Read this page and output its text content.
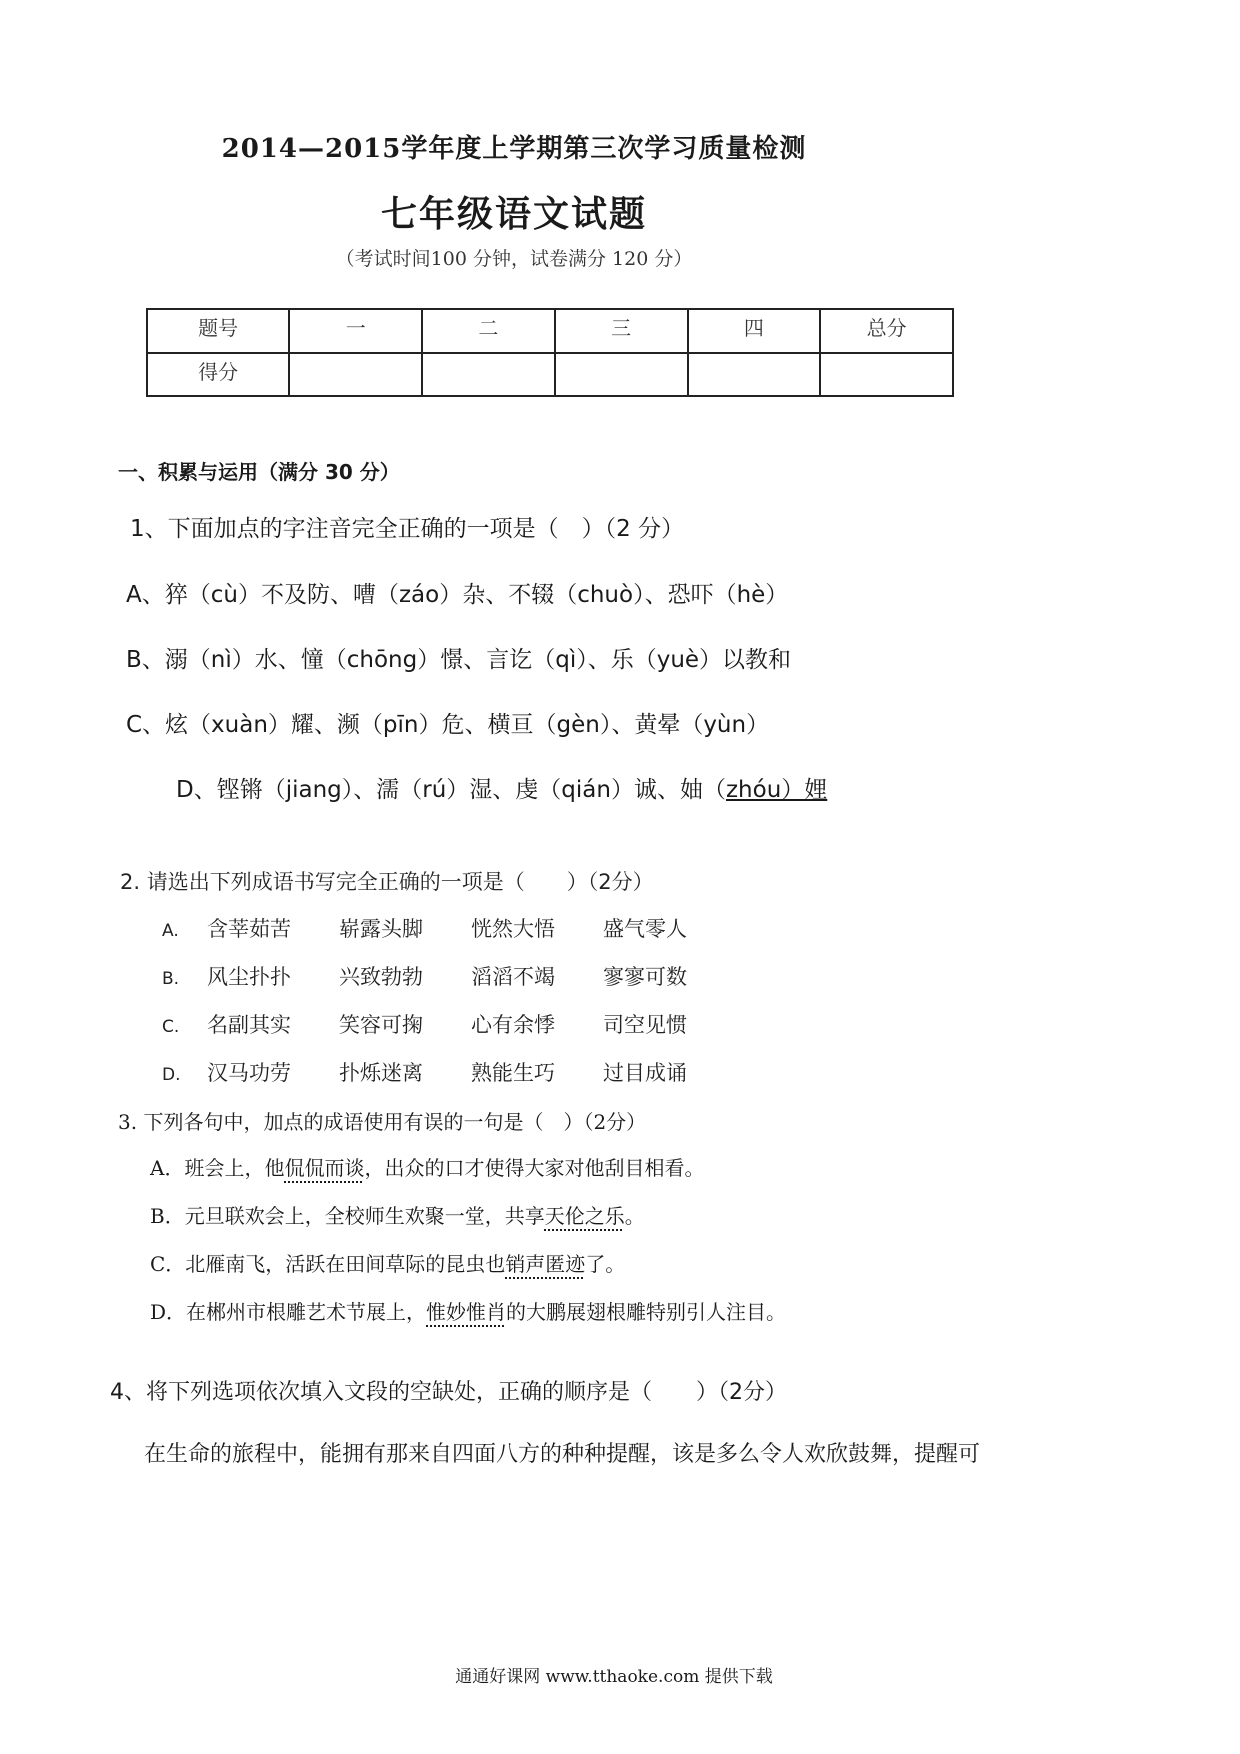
2014—2015学年度上学期第三次学习质量检测
七年级语文试题
（考试时间100 分钟，试卷满分 120 分）
题号	一	二	三	四	总分
得分					
一、积累与运用（满分 30 分）
1、下面加点的字注音完全正确的一项是（　）（2 分）
A、猝（cù）不及防、嘈（záo）杂、不辍（chuò）、恐吓（hè）
B、溺（nì）水、憧（chōng）憬、言讫（qì）、乐（yuè）以教和
C、炫（xuàn）耀、濒（pīn）危、横亘（gèn）、黄晕（yùn）
D、铿锵（jiang）、濡（rú）湿、虔（qián）诚、妯（zhóu）娌
2. 请选出下列成语书写完全正确的一项是（　　）（2分）
A. 含莘茹苦 崭露头脚 恍然大悟 盛气零人
B. 风尘扑扑 兴致勃勃 滔滔不竭 寥寥可数
C. 名副其实 笑容可掬 心有余悸 司空见惯
D. 汉马功劳 扑烁迷离 熟能生巧 过目成诵
3. 下列各句中，加点的成语使用有误的一句是（　）（2分）
A．班会上，他侃侃而谈，出众的口才使得大家对他刮目相看。
B．元旦联欢会上，全校师生欢聚一堂，共享天伦之乐。
C．北雁南飞，活跃在田间草际的昆虫也销声匿迹了。
D．在郴州市根雕艺术节展上，惟妙惟肖的大鹏展翅根雕特别引人注目。
4、将下列选项依次填入文段的空缺处，正确的顺序是（　　）（2分）
在生命的旅程中，能拥有那来自四面八方的种种提醒，该是多么令人欢欣鼓舞，提醒可
通通好课网 www.tthaoke.com 提供下载
